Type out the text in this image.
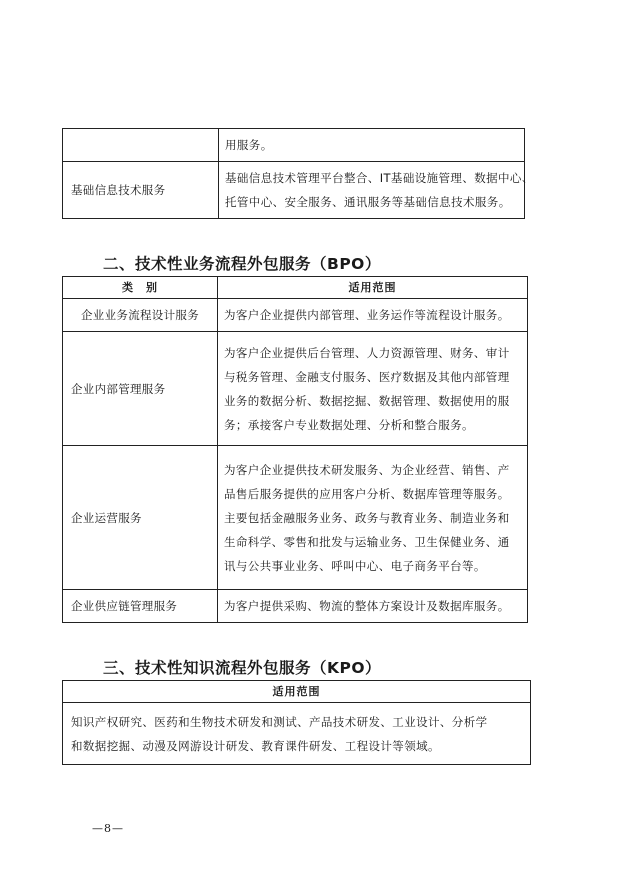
	用服务。

基础信息技术服务	基础信息技术管理平台整合、IT基础设施管理、数据中心、
托管中心、安全服务、通讯服务等基础信息技术服务。
二、技术性业务流程外包服务（BPO）
类　别	适用范围
企业业务流程设计服务	为客户企业提供内部管理、业务运作等流程设计服务。

企业内部管理服务	为客户企业提供后台管理、人力资源管理、财务、审计
与税务管理、金融支付服务、医疗数据及其他内部管理
业务的数据分析、数据挖掘、数据管理、数据使用的服
务；承接客户专业数据处理、分析和整合服务。

企业运营服务	为客户企业提供技术研发服务、为企业经营、销售、产
品售后服务提供的应用客户分析、数据库管理等服务。
主要包括金融服务业务、政务与教育业务、制造业务和
生命科学、零售和批发与运输业务、卫生保健业务、通
讯与公共事业业务、呼叫中心、电子商务平台等。

企业供应链管理服务	为客户提供采购、物流的整体方案设计及数据库服务。
三、技术性知识流程外包服务（KPO）
适用范围

知识产权研究、医药和生物技术研发和测试、产品技术研发、工业设计、分析学
和数据挖掘、动漫及网游设计研发、教育课件研发、工程设计等领域。
—8—
